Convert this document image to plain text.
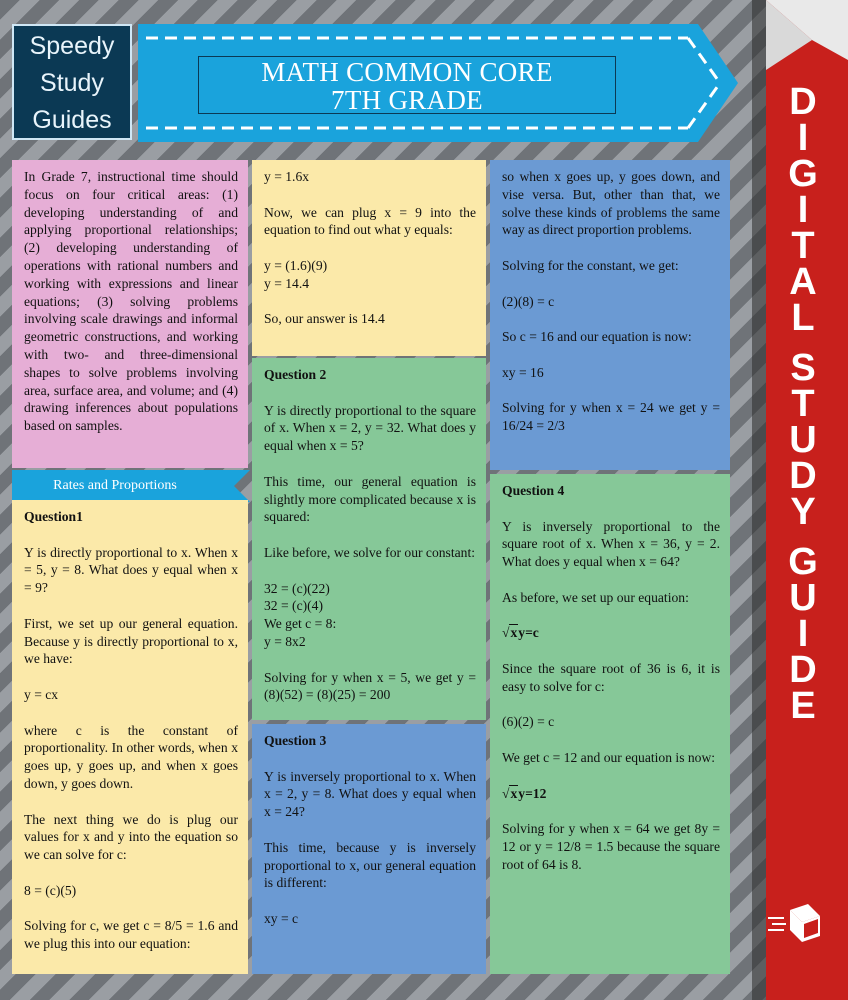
Speedy
Study
Guides
MATH COMMON CORE
7TH GRADE	D
I
G
I
T
A
L
S
T
U
D
Y
G
U
I
D
E

In Grade 7, instructional time should focus on four critical areas: (1) developing understanding of and applying proportional relationships; (2) developing understanding of operations with rational numbers and working with expressions and linear equations; (3) solving problems involving scale drawings and informal geometric constructions, and working with two- and three-dimensional shapes to solve problems involving area, surface area, and volume; and (4) drawing inferences about populations based on samples.

Rates and Proportions

Question1

Y is directly proportional to x. When x = 5, y = 8. What does y equal when x = 9?

First, we set up our general equation. Because y is directly proportional to x, we have:

y = cx

where c is the constant of proportionality. In other words, when x goes up, y goes up, and when x goes down, y goes down.

The next thing we do is plug our values for x and y into the equation so we can solve for c:

8 = (c)(5)

Solving for c, we get c = 8/5 = 1.6 and we plug this into our equation:

y = 1.6x

Now, we can plug x = 9 into the equation to find out what y equals:

y = (1.6)(9)
y = 14.4

So, our answer is 14.4

Question 2

Y is directly proportional to the square of x. When x = 2, y = 32. What does y equal when x = 5?

This time, our general equation is slightly more complicated because x is squared:

Like before, we solve for our constant:

32 = (c)(22)
32 = (c)(4)
We get c = 8:
y = 8x2

Solving for y when x = 5, we get y = (8)(52) = (8)(25) = 200

Question 3

Y is inversely proportional to x. When x = 2, y = 8. What does y equal when x = 24?

This time, because y is inversely proportional to x, our general equation is different:

xy = c

so when x goes up, y goes down, and vise versa. But, other than that, we solve these kinds of problems the same way as direct proportion problems.

Solving for the constant, we get:

(2)(8) = c

So c = 16 and our equation is now:

xy = 16

Solving for y when x = 24 we get y = 16/24 = 2/3

Question 4

Y is inversely proportional to the square root of x. When x = 36, y = 2. What does y equal when x = 64?

As before, we set up our equation:

√xy=c

Since the square root of 36 is 6, it is easy to solve for c:

(6)(2) = c

We get c = 12 and our equation is now:

√xy=12

Solving for y when x = 64 we get 8y = 12 or y = 12/8 = 1.5 because the square root of 64 is 8.
